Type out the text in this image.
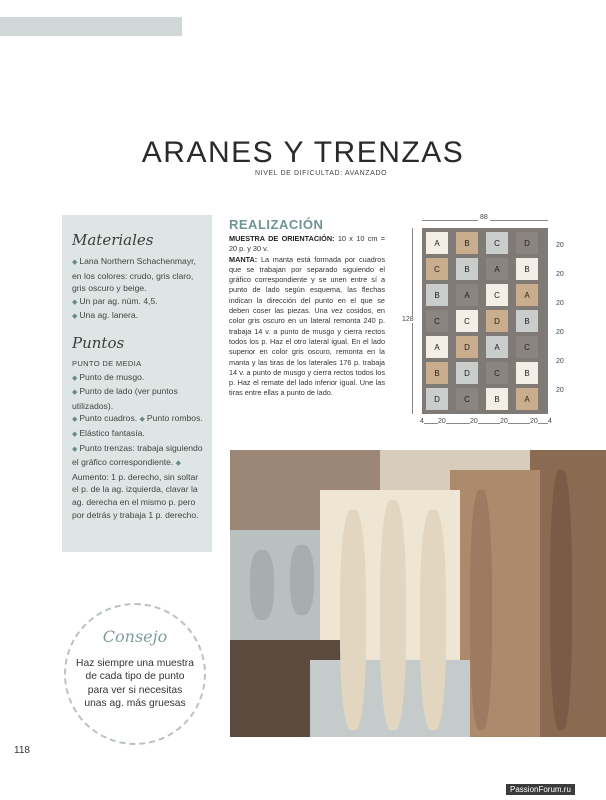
ARANES Y TRENZAS
NIVEL DE DIFICULTAD: AVANZADO
Materiales

◆ Lana Northern Schachenmayr, en los colores: crudo, gris claro, gris oscuro y beige.

◆ Un par ag. núm. 4,5.

◆ Una ag. lanera.

Puntos

PUNTO DE MEDIA

◆ Punto de musgo.

◆ Punto de lado (ver puntos utilizados).

◆ Punto cuadros. ◆ Punto rombos. ◆ Elástico fantasía.

◆ Punto trenzas: trabaja siguiendo el gráfico correspondiente. ◆ Aumento: 1 p. derecho, sin soltar el p. de la ag. izquierda, clavar la ag. derecha en el mismo p. pero por detrás y trabaja 1 p. derecho.

REALIZACIÓN
MUESTRA DE ORIENTACIÓN: 10 x 10 cm = 20 p. y 30 v.
MANTA: La manta está formada por cuadros que se trabajan por separado siguiendo el gráfico correspondiente y se unen entre sí a punto de lado según esquema, las flechas indican la dirección del punto en el que se deben coser las piezas. Una vez cosidos, en color gris oscuro en un lateral remonta 240 p. trabaja 14 v. a punto de musgo y cierra rectos todos los p. Haz el otro lateral igual. En el lado superior en color gris oscuro, remonta en la manta y las tiras de los laterales 176 p. trabaja 14 v. a punto de musgo y cierra rectos todos los p. Haz el remate del lado inferior igual. Une las tiras entre ellas a punto de lado.
88
128
A	B	C	D
C	B	A	B
B	A	C	A
C	C	D	B
A	D	A	C
B	D	C	B
D	C	B	A
20
20
20
20
20
20
4 20	20	20	20 4
Consejo
Haz siempre una muestra de cada tipo de punto para ver si necesitas unas ag. más gruesas
118
PassionForum.ru
